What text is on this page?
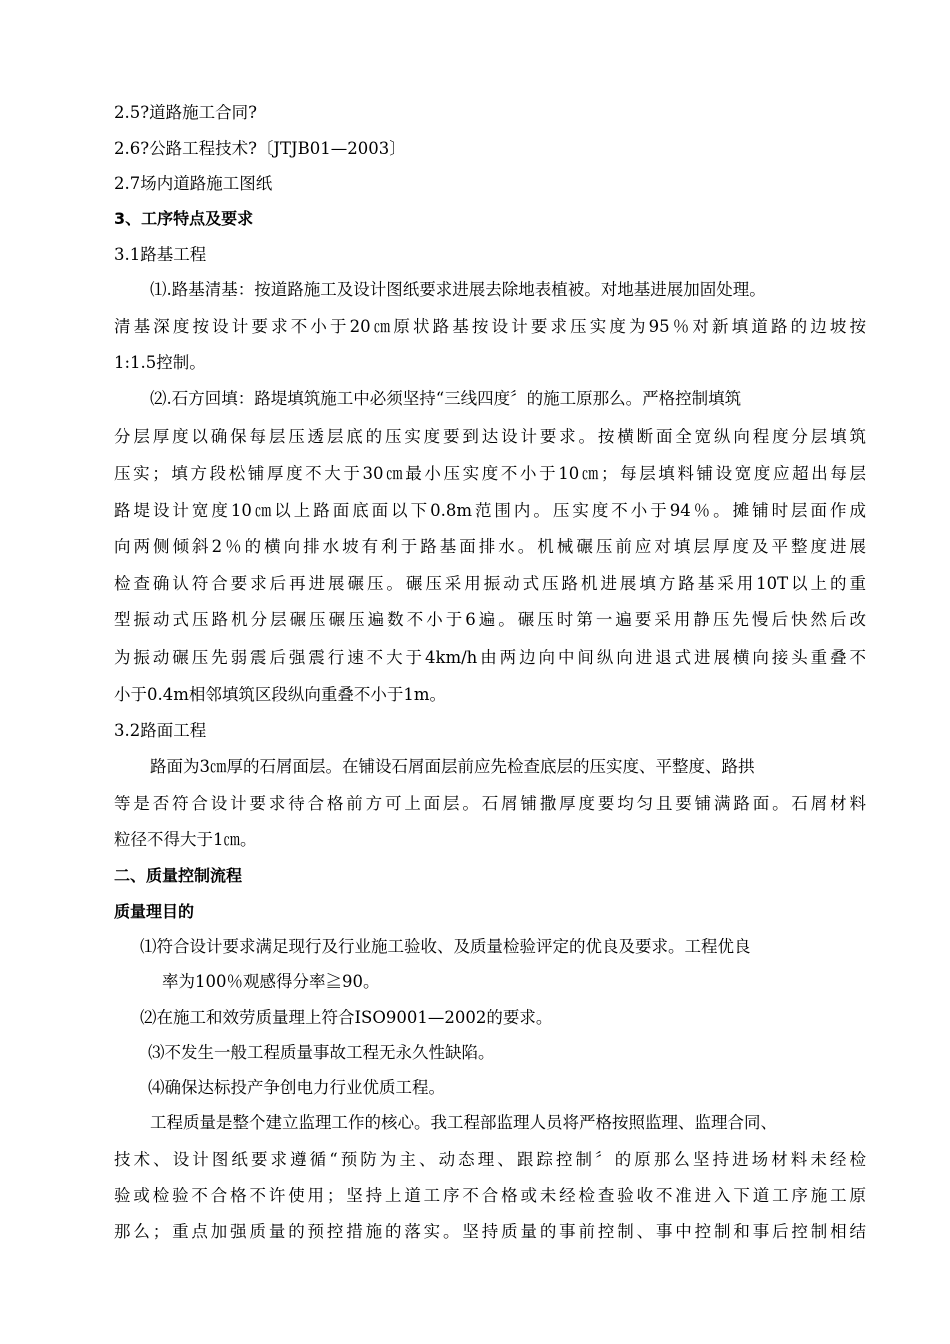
2.5?道路施工合同?
2.6?公路工程技术?〔JTJB01—2003〕
2.7场内道路施工图纸
3、工序特点及要求
3.1路基工程
⑴.路基清基：按道路施工及设计图纸要求进展去除地表植被。对地基进展加固处理。
清基深度按设计要求不小于20㎝原状路基按设计要求压实度为95％对新填道路的边坡按
1:1.5控制。
⑵.石方回填：路堤填筑施工中必须坚持“三线四度〞的施工原那么。严格控制填筑
分层厚度以确保每层压透层底的压实度要到达设计要求。按横断面全宽纵向程度分层填筑
压实；填方段松铺厚度不大于30㎝最小压实度不小于10㎝；每层填料铺设宽度应超出每层
路堤设计宽度10㎝以上路面底面以下0.8m范围内。压实度不小于94％。摊铺时层面作成
向两侧倾斜2％的横向排水坡有利于路基面排水。机械碾压前应对填层厚度及平整度进展
检查确认符合要求后再进展碾压。碾压采用振动式压路机进展填方路基采用10T以上的重
型振动式压路机分层碾压碾压遍数不小于6遍。碾压时第一遍要采用静压先慢后快然后改
为振动碾压先弱震后强震行速不大于4km/h由两边向中间纵向进退式进展横向接头重叠不
小于0.4m相邻填筑区段纵向重叠不小于1m。
3.2路面工程
路面为3㎝厚的石屑面层。在铺设石屑面层前应先检查底层的压实度、平整度、路拱
等是否符合设计要求待合格前方可上面层。石屑铺撒厚度要均匀且要铺满路面。石屑材料
粒径不得大于1㎝。
二、质量控制流程
质量理目的
⑴符合设计要求满足现行及行业施工验收、及质量检验评定的优良及要求。工程优良
率为100％观感得分率≧90。
⑵在施工和效劳质量理上符合ISO9001—2002的要求。
⑶不发生一般工程质量事故工程无永久性缺陷。
⑷确保达标投产争创电力行业优质工程。
工程质量是整个建立监理工作的核心。我工程部监理人员将严格按照监理、监理合同、
技术、设计图纸要求遵循“预防为主、动态理、跟踪控制〞的原那么坚持进场材料未经检
验或检验不合格不许使用；坚持上道工序不合格或未经检查验收不准进入下道工序施工原
那么；重点加强质量的预控措施的落实。坚持质量的事前控制、事中控制和事后控制相结
